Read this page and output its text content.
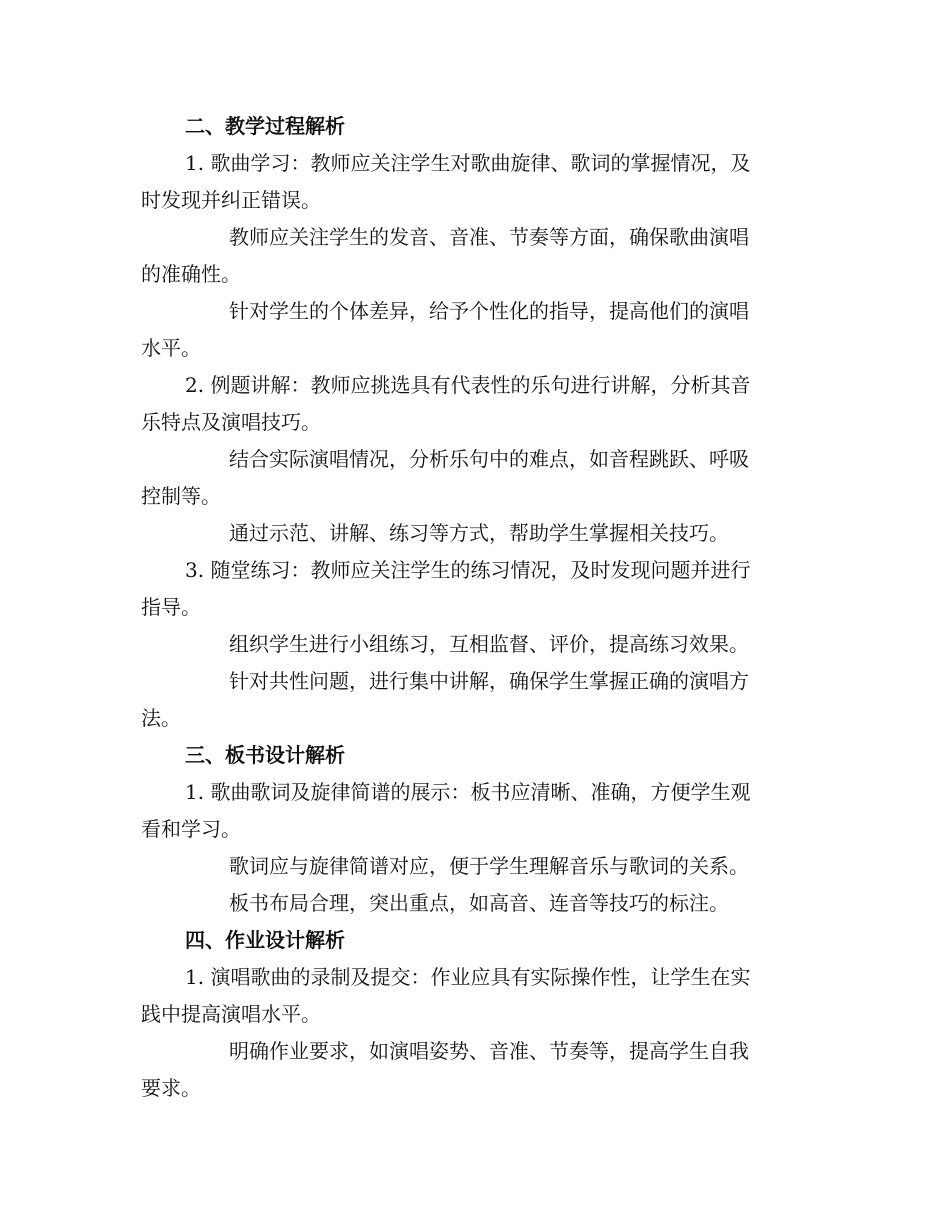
二、教学过程解析

1. 歌曲学习：教师应关注学生对歌曲旋律、歌词的掌握情况，及

时发现并纠正错误。

教师应关注学生的发音、音准、节奏等方面，确保歌曲演唱

的准确性。

针对学生的个体差异，给予个性化的指导，提高他们的演唱

水平。

2. 例题讲解：教师应挑选具有代表性的乐句进行讲解，分析其音

乐特点及演唱技巧。

结合实际演唱情况，分析乐句中的难点，如音程跳跃、呼吸

控制等。

通过示范、讲解、练习等方式，帮助学生掌握相关技巧。

3. 随堂练习：教师应关注学生的练习情况，及时发现问题并进行

指导。

组织学生进行小组练习，互相监督、评价，提高练习效果。

针对共性问题，进行集中讲解，确保学生掌握正确的演唱方

法。

三、板书设计解析

1. 歌曲歌词及旋律简谱的展示：板书应清晰、准确，方便学生观

看和学习。

歌词应与旋律简谱对应，便于学生理解音乐与歌词的关系。

板书布局合理，突出重点，如高音、连音等技巧的标注。

四、作业设计解析

1. 演唱歌曲的录制及提交：作业应具有实际操作性，让学生在实

践中提高演唱水平。

明确作业要求，如演唱姿势、音准、节奏等，提高学生自我

要求。
